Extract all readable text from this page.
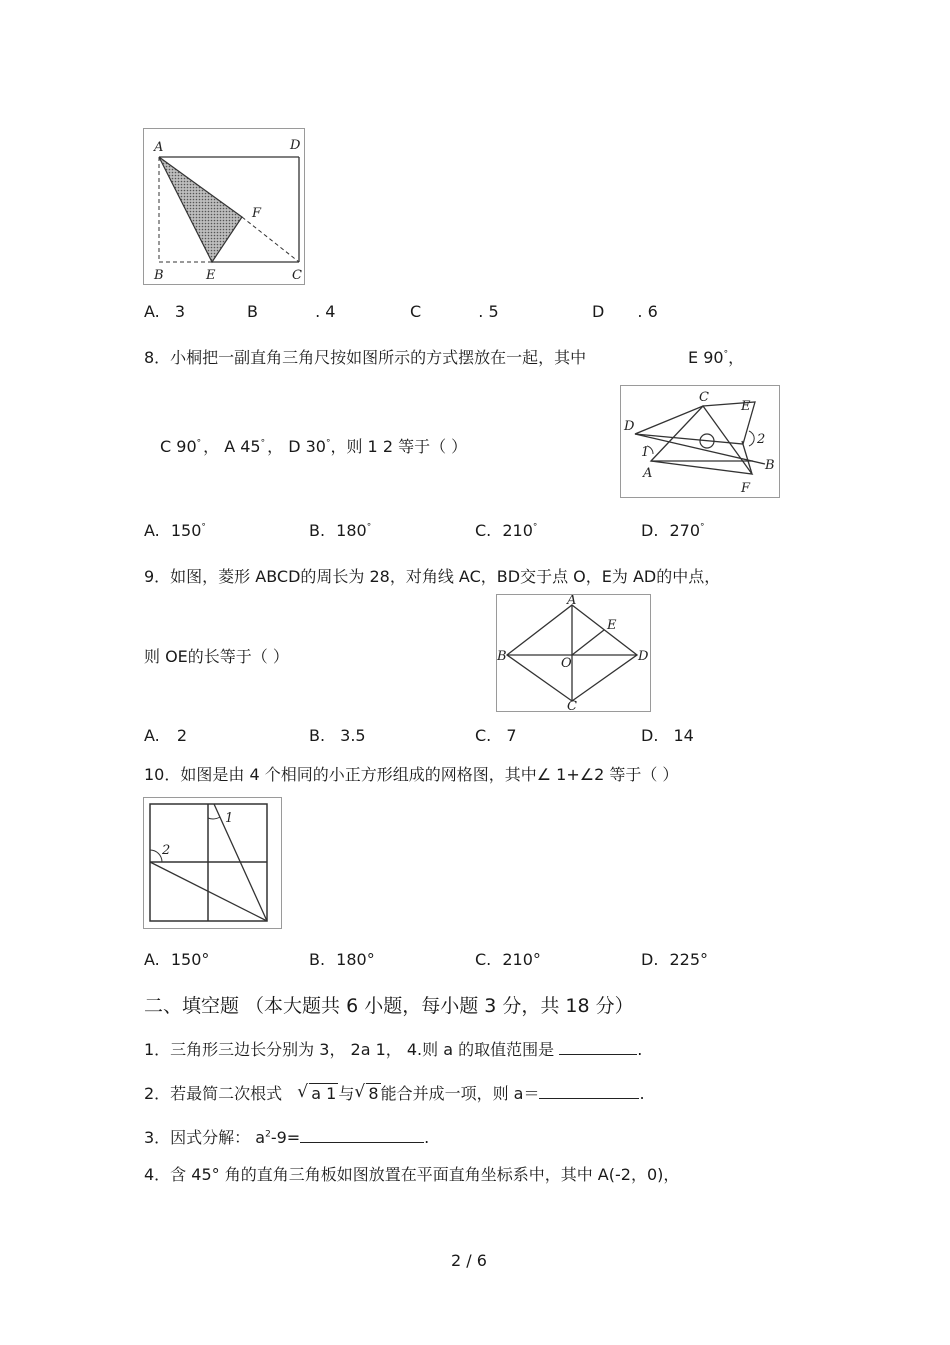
A	D
F
B	E	C
A. 3	B	. 4	C	. 5	D . 6
8．小桐把一副直角三角尺按如图所示的方式摆放在一起，其中	E 90°，
C 90° ， A 45° ， D 30°，则 1 2 等于（ ）
C
E
D
2
1
A
B
F
A. 150°	B. 180°	C. 210°	D. 270°
9．如图，菱形 ABCD的周长为 28，对角线 AC，BD交于点 O，E为 AD的中点，
则 OE的长等于（ ）
A
E
B	O	D
C
A. 2	B. 3.5	C. 7	D. 14
10．如图是由 4 个相同的小正方形组成的网格图，其中∠ 1+∠2 等于（ ）
1
2
A. 150°	B. 180°	C. 210°	D. 225°
二、填空题 （本大题共 6 小题，每小题 3 分，共 18 分）
1．三角形三边长分别为 3， 2a 1， 4.则 a 的取值范围是	.
2．若最简二次根式 √ a 1 与 √ 8 能合并成一项，则 a＝	.
3．因式分解： $a^2-9=$	.
4．含 45° 角的直角三角板如图放置在平面直角坐标系中，其中 A(-2，0)，
2 / 6
